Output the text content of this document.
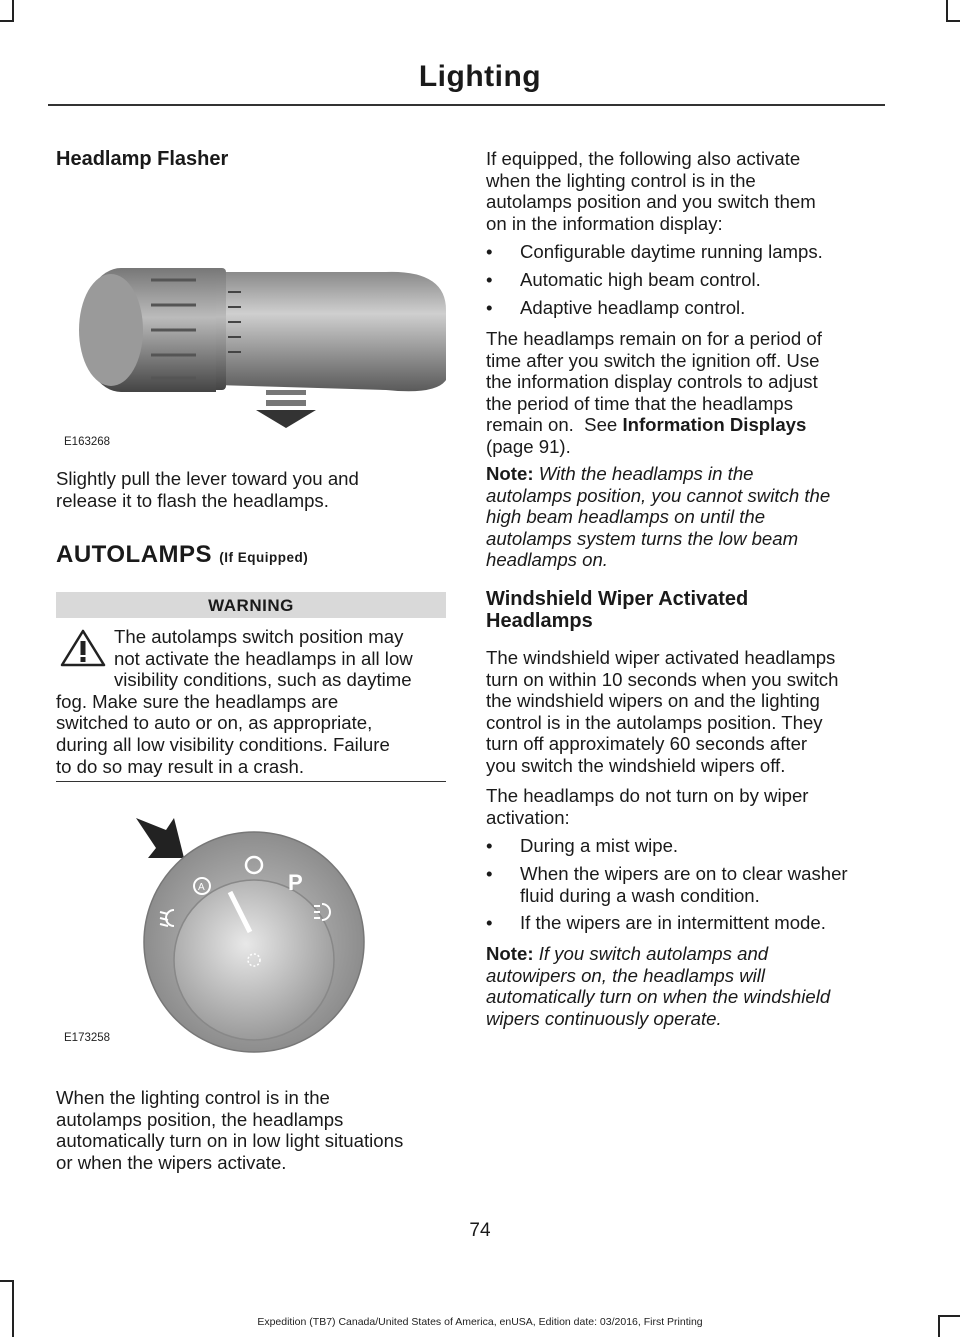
Lighting
Headlamp Flasher
E163268

Slightly pull the lever toward you and

release it to flash the headlamps.

AUTOLAMPS (If Equipped)
WARNING

The autolamps switch position may

not activate the headlamps in all low

visibility conditions, such as daytime

fog. Make sure the headlamps are

switched to auto or on, as appropriate,

during all low visibility conditions. Failure

to do so may result in a crash.

P
A
E173258

When the lighting control is in the

autolamps position, the headlamps

automatically turn on in low light situations

or when the wipers activate.

If equipped, the following also activate

when the lighting control is in the

autolamps position and you switch them

on in the information display:

• Configurable daytime running lamps.
• Automatic high beam control.
• Adaptive headlamp control.

The headlamps remain on for a period of

time after you switch the ignition off. Use

the information display controls to adjust

the period of time that the headlamps

remain on.  See Information Displays

(page 91).

Note: With the headlamps in the

autolamps position, you cannot switch the

high beam headlamps on until the

autolamps system turns the low beam

headlamps on.

Windshield Wiper Activated
Headlamps

The windshield wiper activated headlamps

turn on within 10 seconds when you switch

the windshield wipers on and the lighting

control is in the autolamps position. They

turn off approximately 60 seconds after

you switch the windshield wipers off.

The headlamps do not turn on by wiper

activation:

• During a mist wipe.
• When the wipers are on to clear washer
fluid during a wash condition.
• If the wipers are in intermittent mode.

Note: If you switch autolamps and

autowipers on, the headlamps will

automatically turn on when the windshield

wipers continuously operate.

74
Expedition (TB7) Canada/United States of America, enUSA, Edition date: 03/2016, First Printing
